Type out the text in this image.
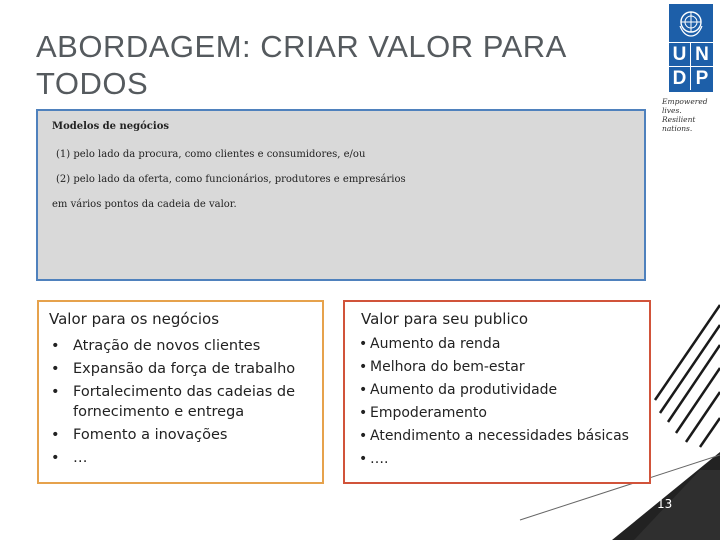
ABORDAGEM: CRIAR VALOR PARA TODOS
U N
D P
Empowered lives.
Resilient nations.
Modelos de negócios
(1) pelo lado da procura, como clientes e consumidores, e/ou
(2) pelo lado da oferta, como funcionários, produtores e empresários
em vários pontos da cadeia de valor.
Valor para os negócios
• Atração de novos clientes
• Expansão da força de trabalho
• Fortalecimento das cadeias de fornecimento e entrega
• Fomento a inovações
• …
Valor para seu publico
• Aumento da renda
• Melhora do bem-estar
• Aumento da produtividade
• Empoderamento
• Atendimento a necessidades básicas
• ….
13
